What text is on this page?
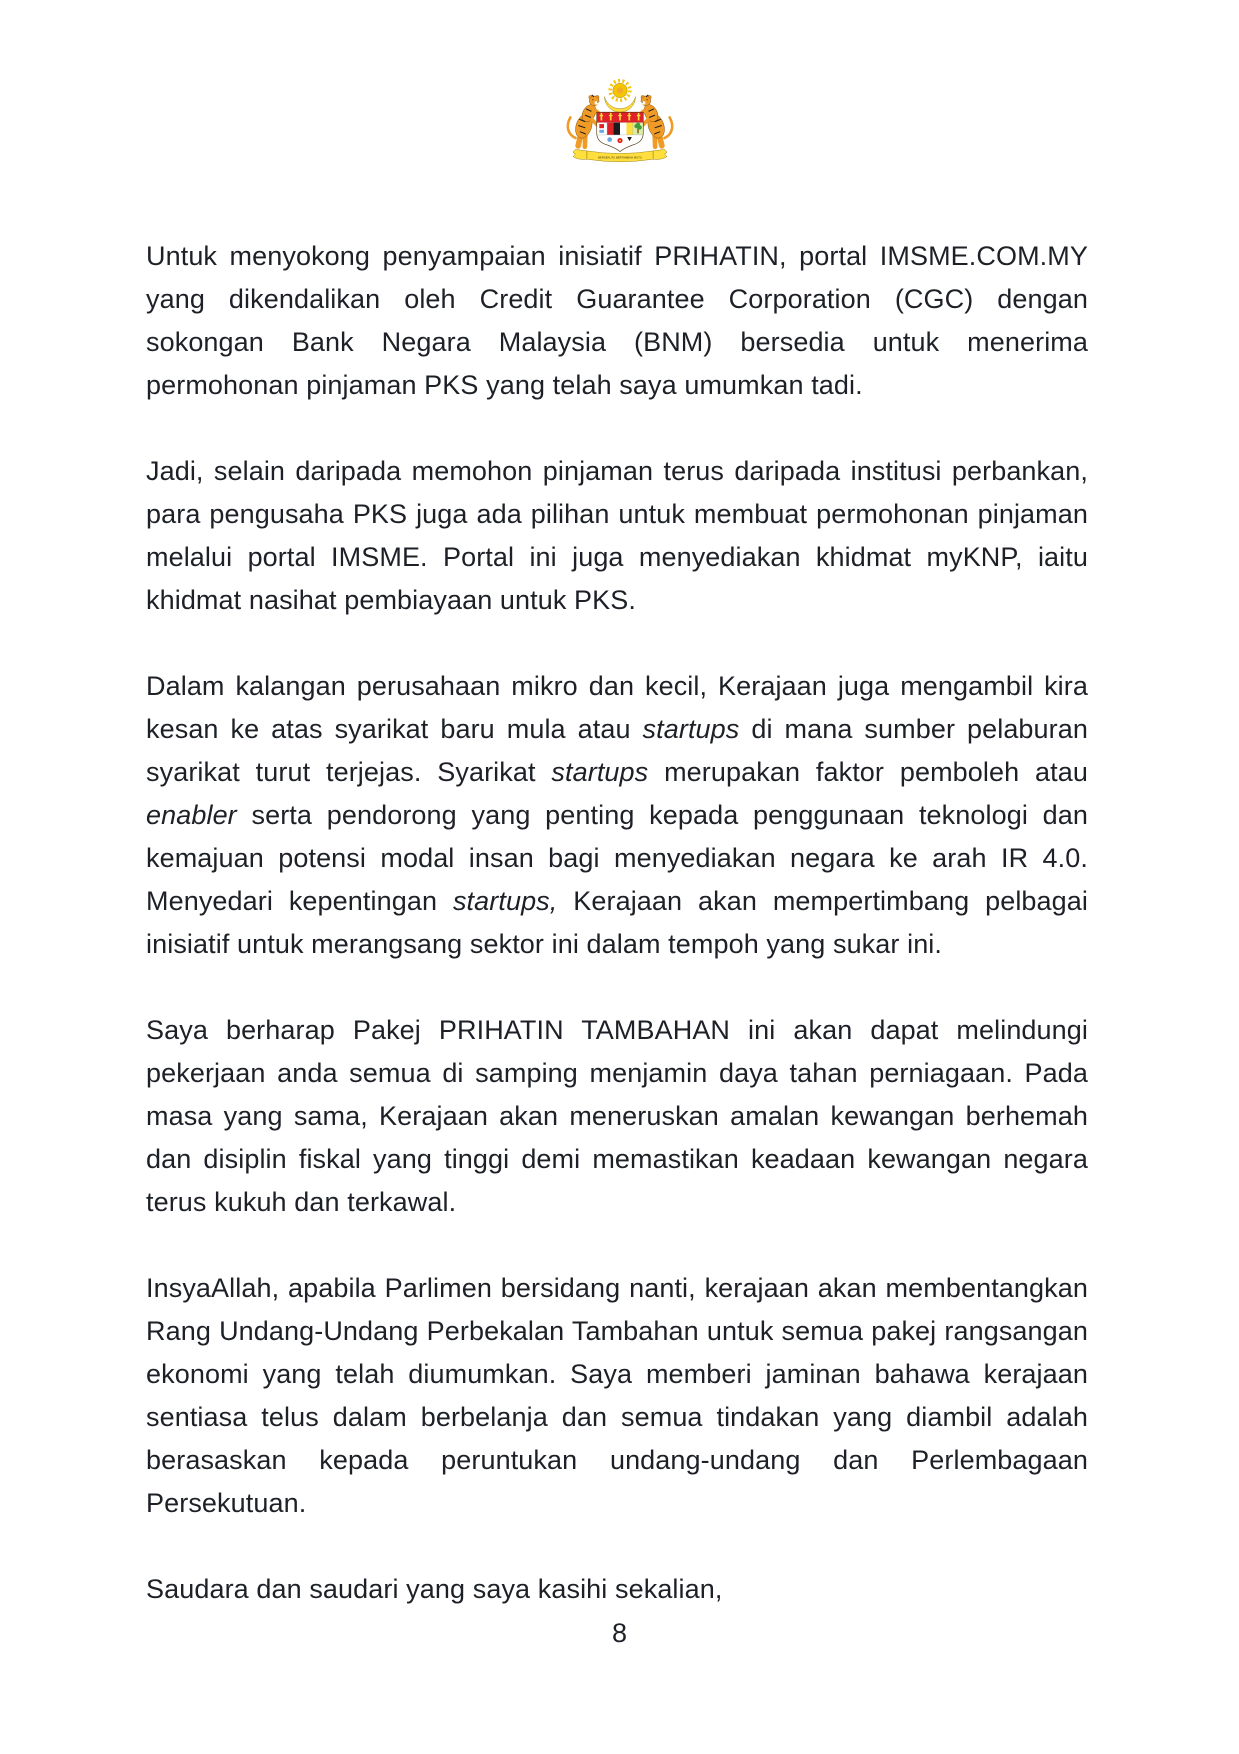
BERSEKUTU BERTAMBAH MUTU

Untuk menyokong penyampaian inisiatif PRIHATIN, portal IMSME.COM.MY yang dikendalikan oleh Credit Guarantee Corporation (CGC) dengan sokongan Bank Negara Malaysia (BNM) bersedia untuk menerima permohonan pinjaman PKS yang telah saya umumkan tadi.

Jadi, selain daripada memohon pinjaman terus daripada institusi perbankan, para pengusaha PKS juga ada pilihan untuk membuat permohonan pinjaman melalui portal IMSME. Portal ini juga menyediakan khidmat myKNP, iaitu khidmat nasihat pembiayaan untuk PKS.

Dalam kalangan perusahaan mikro dan kecil, Kerajaan juga mengambil kira kesan ke atas syarikat baru mula atau startups di mana sumber pelaburan syarikat turut terjejas. Syarikat startups merupakan faktor pemboleh atau enabler serta pendorong yang penting kepada penggunaan teknologi dan kemajuan potensi modal insan bagi menyediakan negara ke arah IR 4.0. Menyedari kepentingan startups, Kerajaan akan mempertimbang pelbagai inisiatif untuk merangsang sektor ini dalam tempoh yang sukar ini.

Saya berharap Pakej PRIHATIN TAMBAHAN ini akan dapat melindungi pekerjaan anda semua di samping menjamin daya tahan perniagaan. Pada masa yang sama, Kerajaan akan meneruskan amalan kewangan berhemah dan disiplin fiskal yang tinggi demi memastikan keadaan kewangan negara terus kukuh dan terkawal.

InsyaAllah, apabila Parlimen bersidang nanti, kerajaan akan membentangkan Rang Undang-Undang Perbekalan Tambahan untuk semua pakej rangsangan ekonomi yang telah diumumkan. Saya memberi jaminan bahawa kerajaan sentiasa telus dalam berbelanja dan semua tindakan yang diambil adalah berasaskan kepada peruntukan undang-undang dan Perlembagaan Persekutuan.

Saudara dan saudari yang saya kasihi sekalian,

8
